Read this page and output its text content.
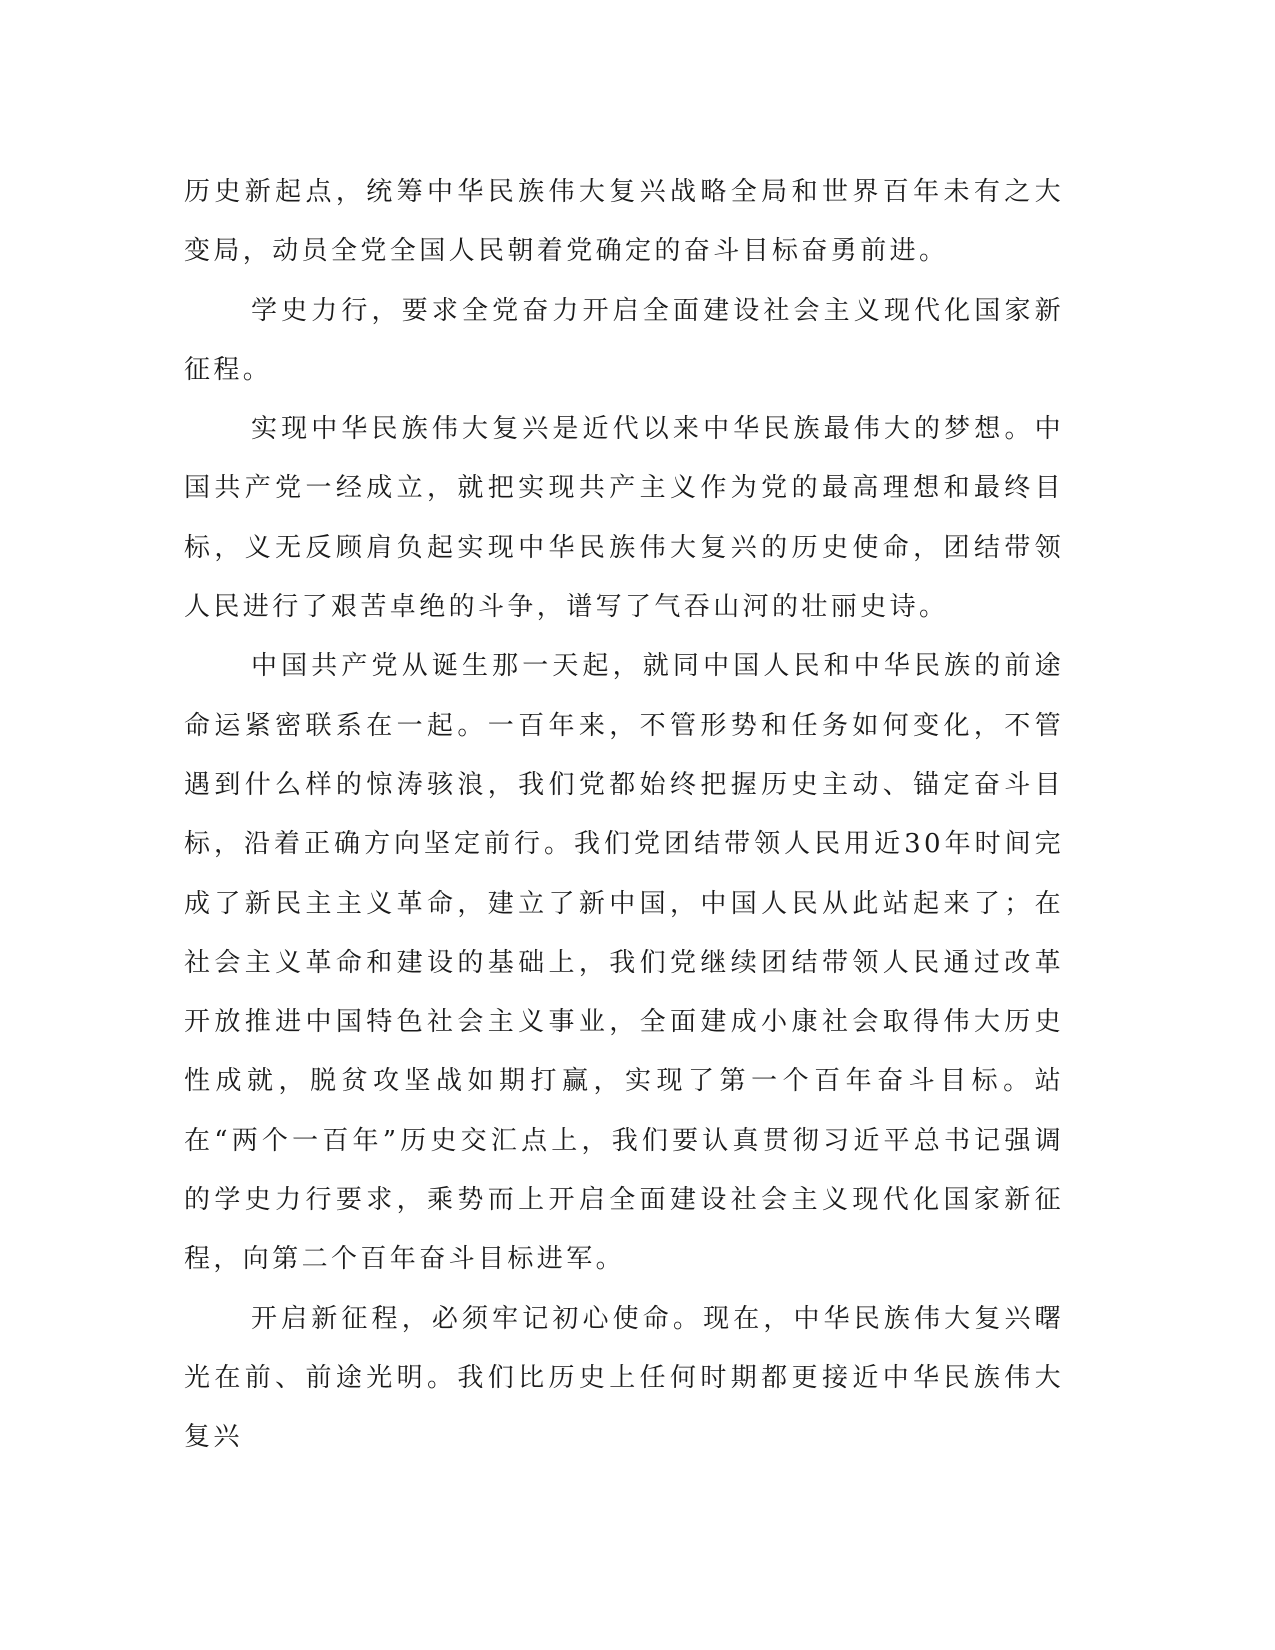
历史新起点，统筹中华民族伟大复兴战略全局和世界百年未有之大变局，动员全党全国人民朝着党确定的奋斗目标奋勇前进。

学史力行，要求全党奋力开启全面建设社会主义现代化国家新征程。

实现中华民族伟大复兴是近代以来中华民族最伟大的梦想。中国共产党一经成立，就把实现共产主义作为党的最高理想和最终目标，义无反顾肩负起实现中华民族伟大复兴的历史使命，团结带领人民进行了艰苦卓绝的斗争，谱写了气吞山河的壮丽史诗。

中国共产党从诞生那一天起，就同中国人民和中华民族的前途命运紧密联系在一起。一百年来，不管形势和任务如何变化，不管遇到什么样的惊涛骇浪，我们党都始终把握历史主动、锚定奋斗目标，沿着正确方向坚定前行。我们党团结带领人民用近30年时间完成了新民主主义革命，建立了新中国，中国人民从此站起来了；在社会主义革命和建设的基础上，我们党继续团结带领人民通过改革开放推进中国特色社会主义事业，全面建成小康社会取得伟大历史性成就，脱贫攻坚战如期打赢，实现了第一个百年奋斗目标。站在“两个一百年”历史交汇点上，我们要认真贯彻习近平总书记强调的学史力行要求，乘势而上开启全面建设社会主义现代化国家新征程，向第二个百年奋斗目标进军。

开启新征程，必须牢记初心使命。现在，中华民族伟大复兴曙光在前、前途光明。我们比历史上任何时期都更接近中华民族伟大复兴
